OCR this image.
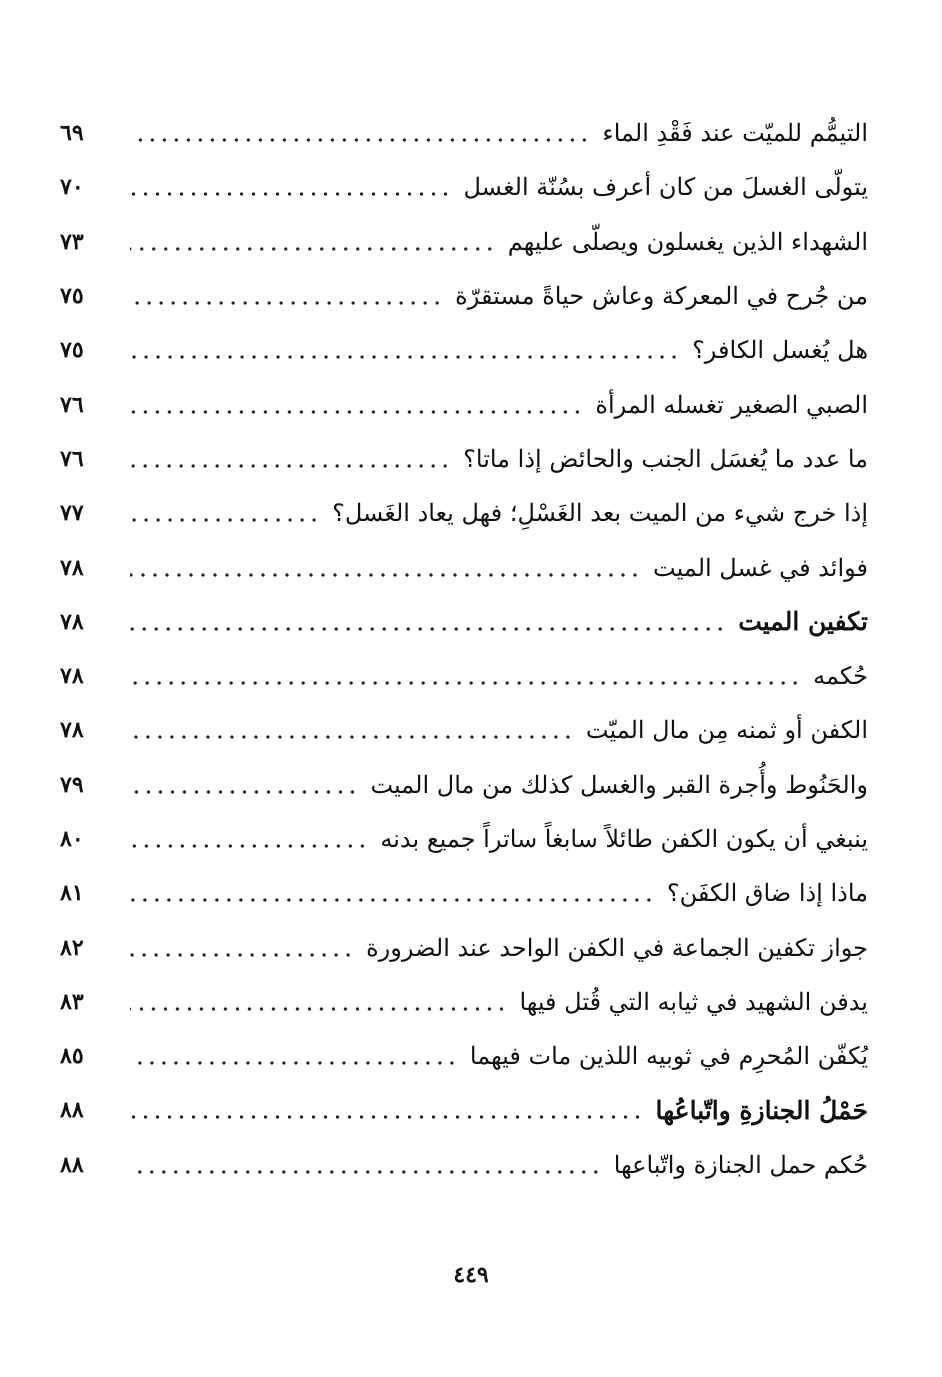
التيمُّم للميّت عند فَقْدِ الماء
٦٩
يتولّى الغسلَ من كان أعرف بسُنّة الغسل
٧٠
الشهداء الذين يغسلون ويصلّى عليهم
٧٣
من جُرح في المعركة وعاش حياةً مستقرّة
٧٥
هل يُغسل الكافر؟
٧٥
الصبي الصغير تغسله المرأة
٧٦
ما عدد ما يُغسَل الجنب والحائض إذا ماتا؟
٧٦
إذا خرج شيء من الميت بعد الغَسْلِ؛ فهل يعاد الغَسل؟
٧٧
فوائد في غسل الميت
٧٨
تكفين الميت
٧٨
حُكمه
٧٨
الكفن أو ثمنه مِن مال الميّت
٧٨
والحَنُوط وأُجرة القبر والغسل كذلك من مال الميت
٧٩
ينبغي أن يكون الكفن طائلاً سابغاً ساتراً جميع بدنه
٨٠
ماذا إذا ضاق الكفَن؟
٨١
جواز تكفين الجماعة في الكفن الواحد عند الضرورة
٨٢
يدفن الشهيد في ثيابه التي قُتل فيها
٨٣
يُكفّن المُحرِم في ثوبيه اللذين مات فيهما
٨٥
حَمْلُ الجنازةِ واتّباعُها
٨٨
حُكم حمل الجنازة واتّباعها
٨٨
٤٤٩
